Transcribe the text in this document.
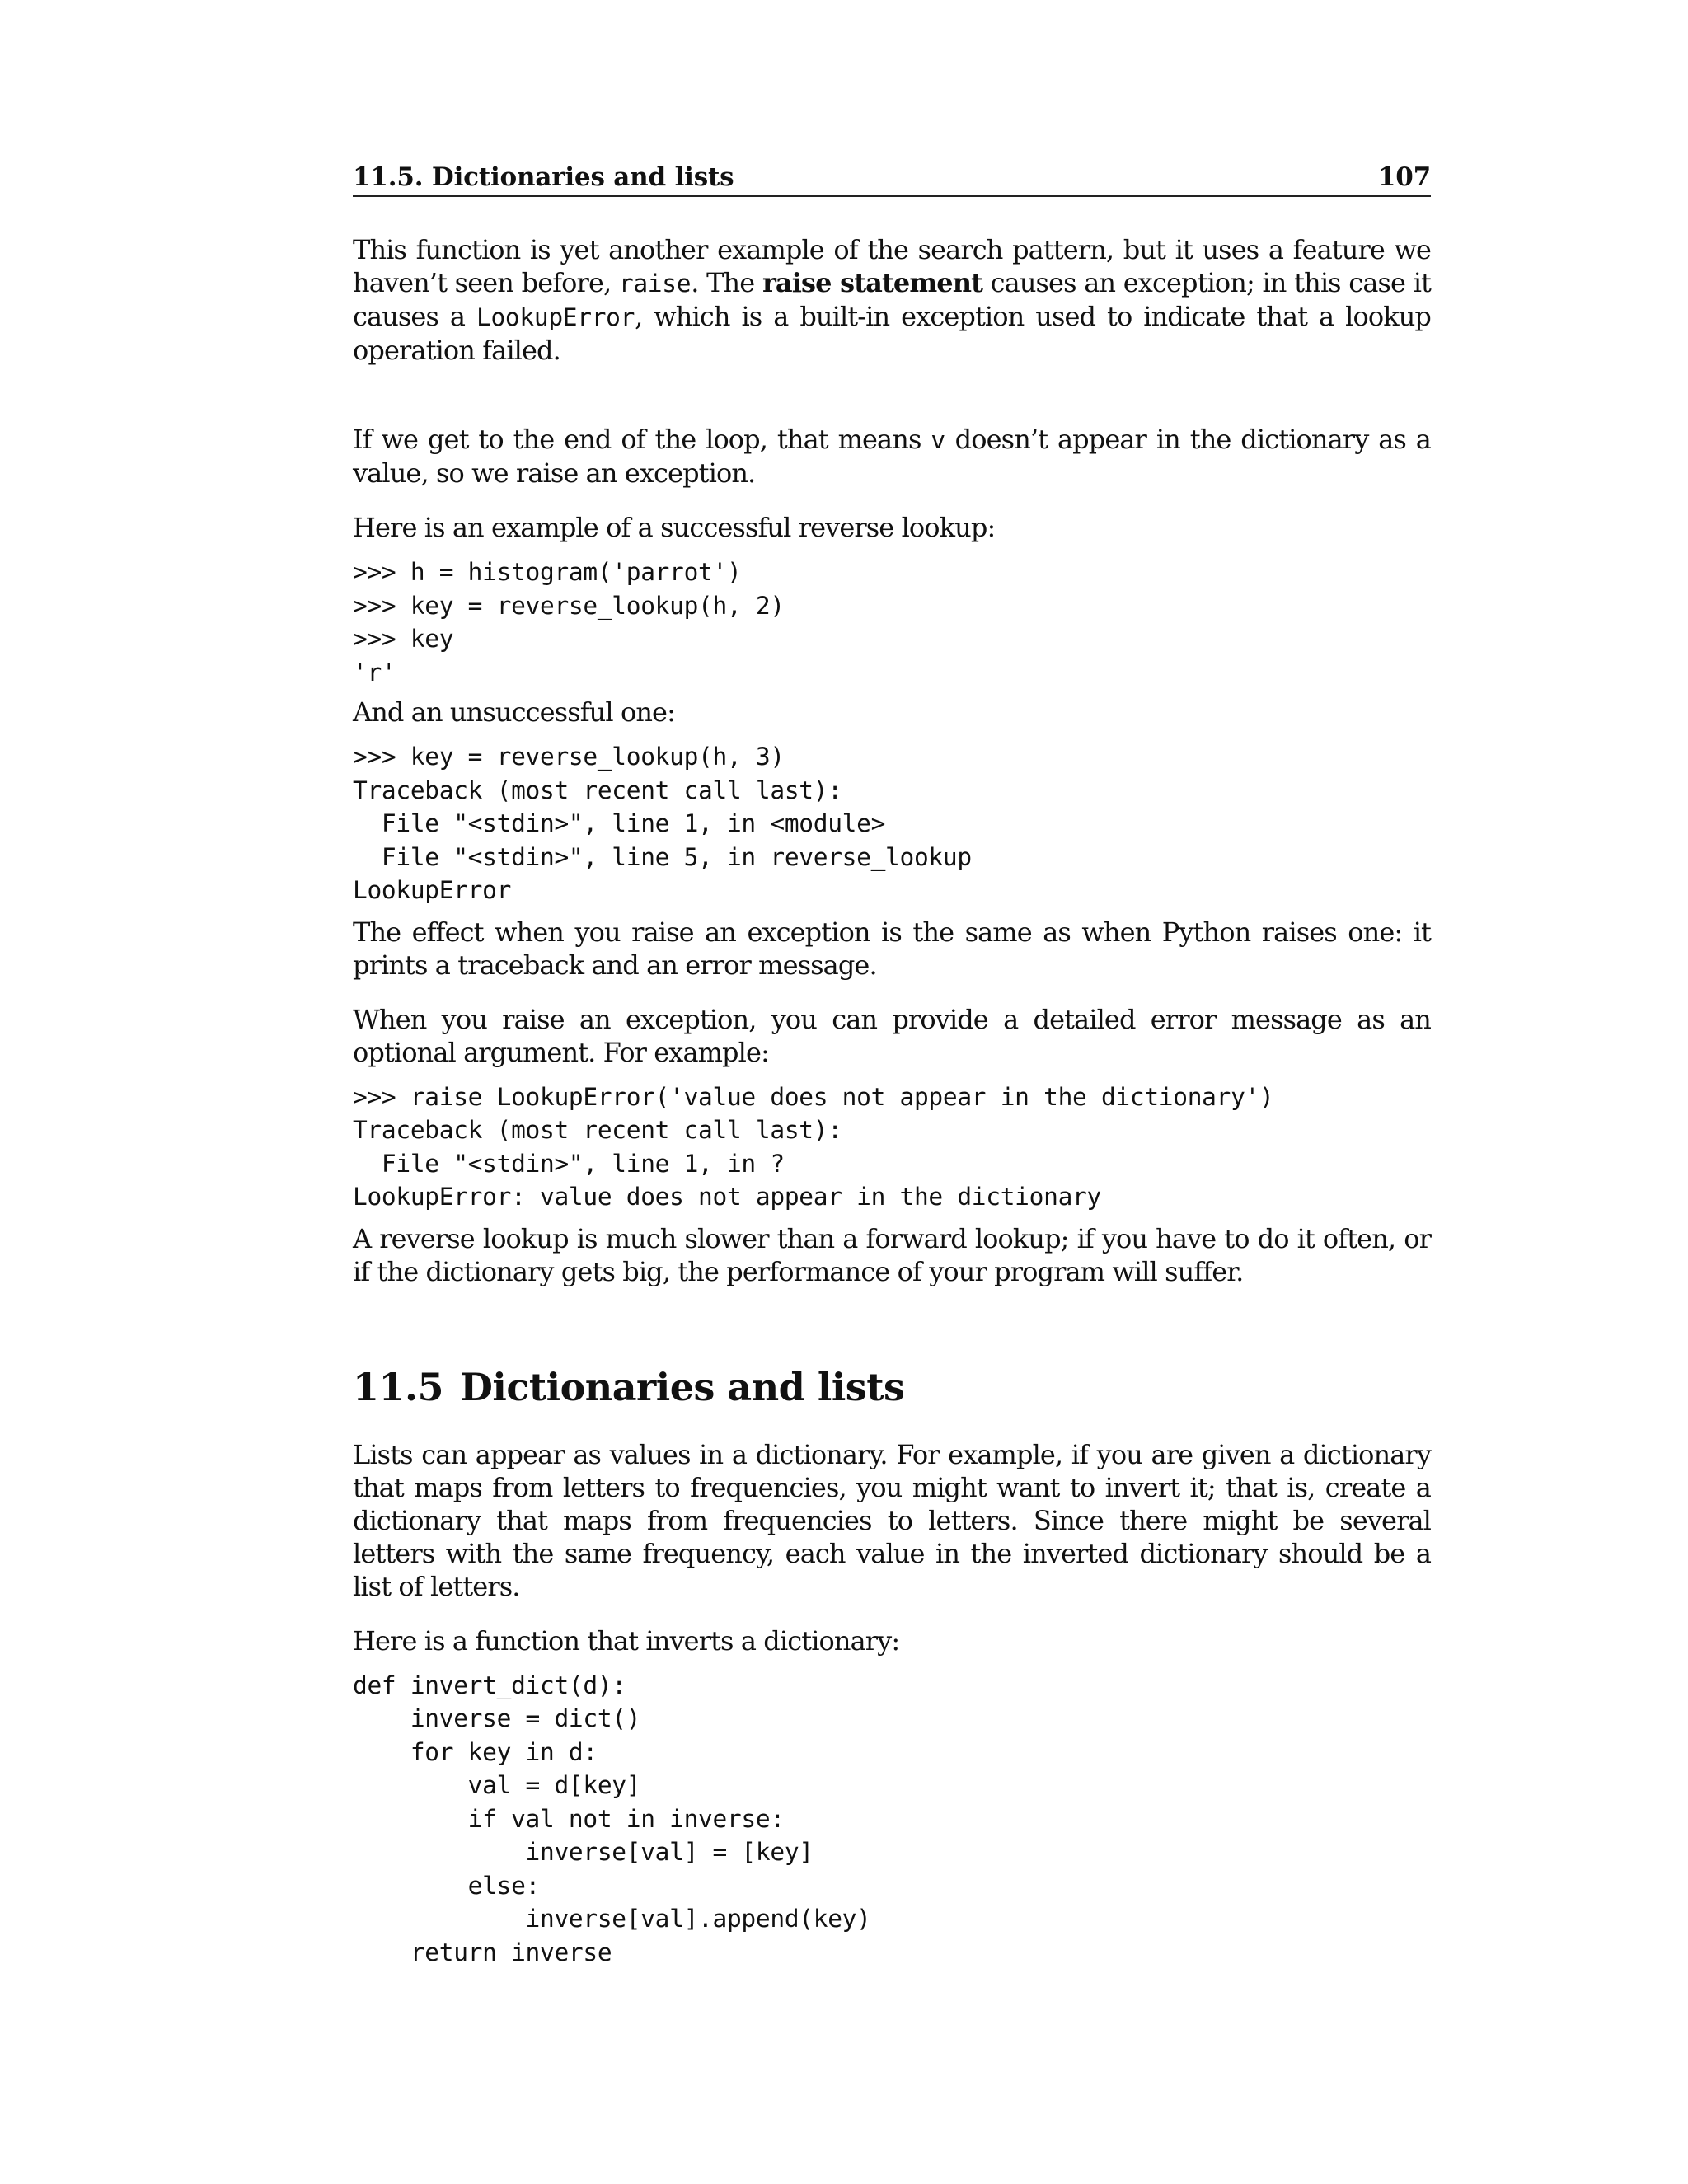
11.5. Dictionaries and lists	107

This function is yet another example of the search pattern, but it uses a feature we haven’t seen before, raise. The raise statement causes an exception; in this case it causes a LookupError, which is a built-in exception used to indicate that a lookup operation failed.

If we get to the end of the loop, that means v doesn’t appear in the dictionary as a value, so we raise an exception.

Here is an example of a successful reverse lookup:

>>> h = histogram('parrot')
>>> key = reverse_lookup(h, 2)
>>> key
'r'

And an unsuccessful one:

>>> key = reverse_lookup(h, 3)
Traceback (most recent call last):
File "<stdin>", line 1, in <module>
File "<stdin>", line 5, in reverse_lookup
LookupError

The effect when you raise an exception is the same as when Python raises one: it prints a traceback and an error message.

When you raise an exception, you can provide a detailed error message as an optional argument. For example:

>>> raise LookupError('value does not appear in the dictionary')
Traceback (most recent call last):
File "<stdin>", line 1, in ?
LookupError: value does not appear in the dictionary

A reverse lookup is much slower than a forward lookup; if you have to do it often, or if the dictionary gets big, the performance of your program will suffer.

11.5 Dictionaries and lists

Lists can appear as values in a dictionary. For example, if you are given a dictionary that maps from letters to frequencies, you might want to invert it; that is, create a dictionary that maps from frequencies to letters. Since there might be several letters with the same frequency, each value in the inverted dictionary should be a list of letters.

Here is a function that inverts a dictionary:

def invert_dict(d):
inverse = dict()
for key in d:
val = d[key]
if val not in inverse:
inverse[val] = [key]
else:
inverse[val].append(key)
return inverse
